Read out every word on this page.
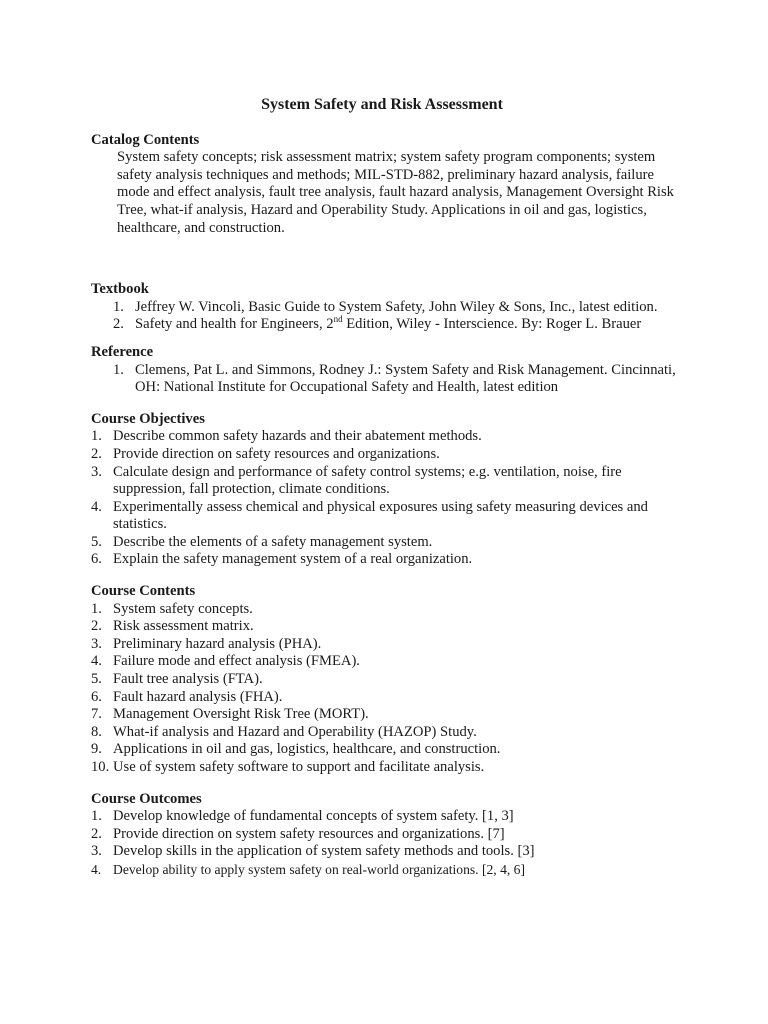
System Safety and Risk Assessment

Catalog Contents

System safety concepts; risk assessment matrix; system safety program components; system safety analysis techniques and methods; MIL-STD-882, preliminary hazard analysis, failure mode and effect analysis, fault tree analysis, fault hazard analysis, Management Oversight Risk Tree, what-if analysis, Hazard and Operability Study. Applications in oil and gas, logistics, healthcare, and construction.

Textbook

1. Jeffrey W. Vincoli, Basic Guide to System Safety, John Wiley & Sons, Inc., latest edition.
2. Safety and health for Engineers, 2nd Edition, Wiley - Interscience. By: Roger L. Brauer

Reference

1. Clemens, Pat L. and Simmons, Rodney J.: System Safety and Risk Management. Cincinnati, OH: National Institute for Occupational Safety and Health, latest edition

Course Objectives

1. Describe common safety hazards and their abatement methods.
2. Provide direction on safety resources and organizations.
3. Calculate design and performance of safety control systems; e.g. ventilation, noise, fire suppression, fall protection, climate conditions.
4. Experimentally assess chemical and physical exposures using safety measuring devices and statistics.
5. Describe the elements of a safety management system.
6. Explain the safety management system of a real organization.

Course Contents

1. System safety concepts.
2. Risk assessment matrix.
3. Preliminary hazard analysis (PHA).
4. Failure mode and effect analysis (FMEA).
5. Fault tree analysis (FTA).
6. Fault hazard analysis (FHA).
7. Management Oversight Risk Tree (MORT).
8. What-if analysis and Hazard and Operability (HAZOP) Study.
9. Applications in oil and gas, logistics, healthcare, and construction.
10. Use of system safety software to support and facilitate analysis.

Course Outcomes

1. Develop knowledge of fundamental concepts of system safety. [1, 3]
2. Provide direction on system safety resources and organizations. [7]
3. Develop skills in the application of system safety methods and tools. [3]
4. Develop ability to apply system safety on real-world organizations. [2, 4, 6]
